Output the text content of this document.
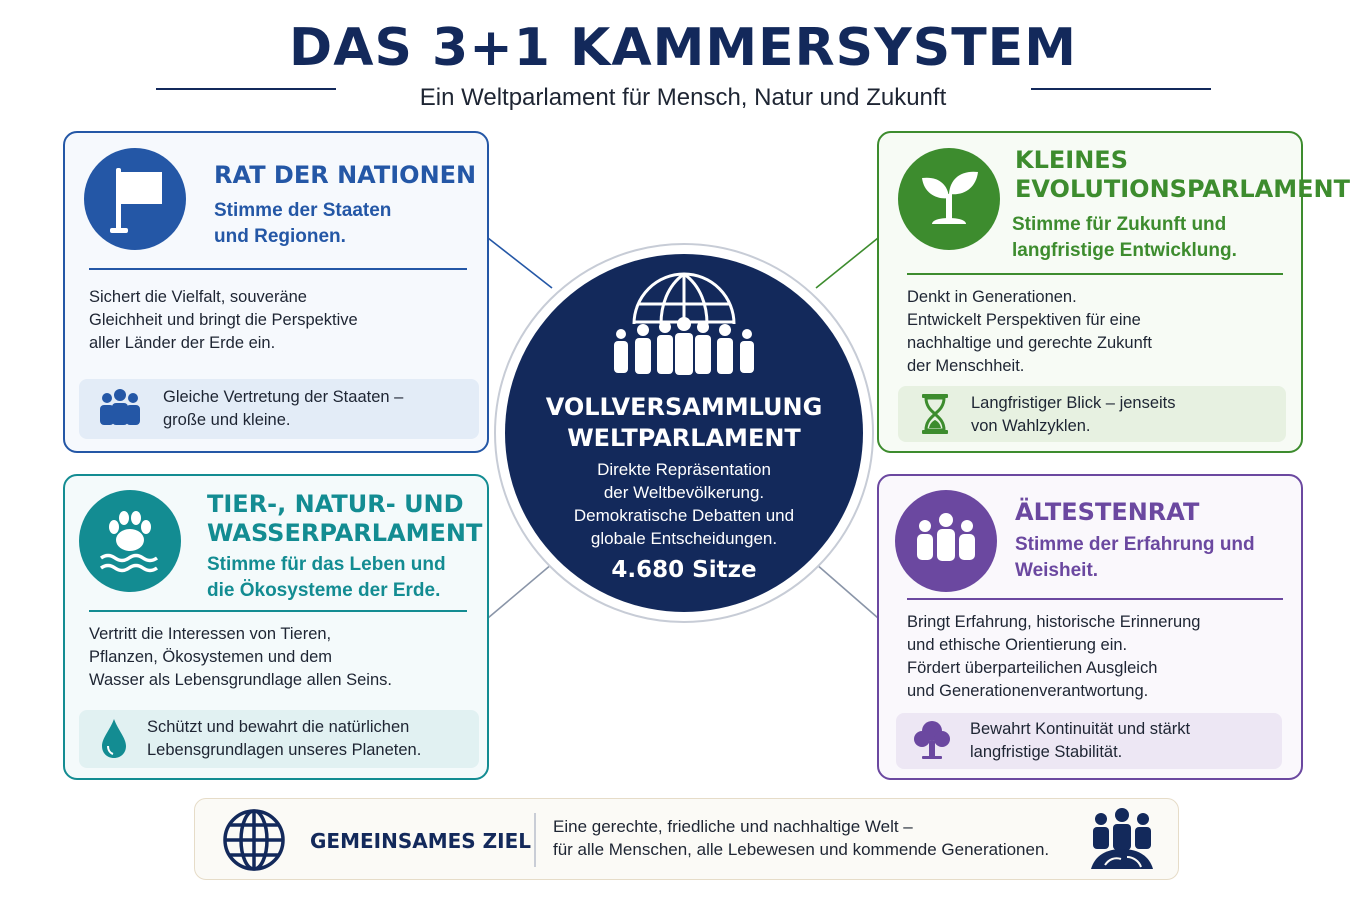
DAS 3+1 KAMMERSYSTEM
Ein Weltparlament für Mensch, Natur und Zukunft
RAT DER NATIONEN
Stimme der Staaten
und Regionen.
Sichert die Vielfalt, souveräne
Gleichheit und bringt die Perspektive
aller Länder der Erde ein.
Gleiche Vertretung der Staaten –
große und kleine.
KLEINES
EVOLUTIONSPARLAMENT
Stimme für Zukunft und
langfristige Entwicklung.
Denkt in Generationen.
Entwickelt Perspektiven für eine
nachhaltige und gerechte Zukunft
der Menschheit.
Langfristiger Blick – jenseits
von Wahlzyklen.
TIER-, NATUR- UND
WASSERPARLAMENT
Stimme für das Leben und
die Ökosysteme der Erde.
Vertritt die Interessen von Tieren,
Pflanzen, Ökosystemen und dem
Wasser als Lebensgrundlage allen Seins.
Schützt und bewahrt die natürlichen
Lebensgrundlagen unseres Planeten.
ÄLTESTENRAT
Stimme der Erfahrung und
Weisheit.
Bringt Erfahrung, historische Erinnerung
und ethische Orientierung ein.
Fördert überparteilichen Ausgleich
und Generationenverantwortung.
Bewahrt Kontinuität und stärkt
langfristige Stabilität.
VOLLVERSAMMLUNG
WELTPARLAMENT
Direkte Repräsentation
der Weltbevölkerung.
Demokratische Debatten und
globale Entscheidungen.
4.680 Sitze
GEMEINSAMES ZIEL
Eine gerechte, friedliche und nachhaltige Welt –
für alle Menschen, alle Lebewesen und kommende Generationen.
